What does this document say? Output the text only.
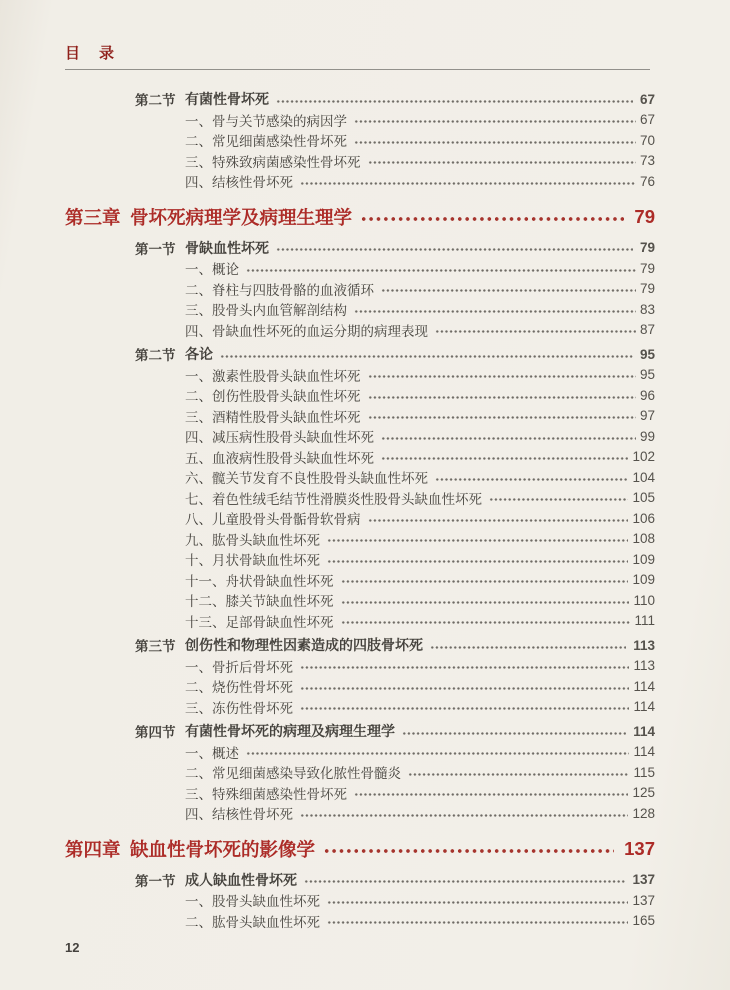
目　录
第二节 有菌性骨坏死	67
一、骨与关节感染的病因学	67
二、常见细菌感染性骨坏死	70
三、特殊致病菌感染性骨坏死	73
四、结核性骨坏死	76
第三章 骨坏死病理学及病理生理学	79
第一节 骨缺血性坏死	79
一、概论	79
二、脊柱与四肢骨骼的血液循环	79
三、股骨头内血管解剖结构	83
四、骨缺血性坏死的血运分期的病理表现	87
第二节 各论	95
一、激素性股骨头缺血性坏死	95
二、创伤性股骨头缺血性坏死	96
三、酒精性股骨头缺血性坏死	97
四、减压病性股骨头缺血性坏死	99
五、血液病性股骨头缺血性坏死	102
六、髋关节发育不良性股骨头缺血性坏死	104
七、着色性绒毛结节性滑膜炎性股骨头缺血性坏死	105
八、儿童股骨头骨骺骨软骨病	106
九、肱骨头缺血性坏死	108
十、月状骨缺血性坏死	109
十一、舟状骨缺血性坏死	109
十二、膝关节缺血性坏死	110
十三、足部骨缺血性坏死	111
第三节 创伤性和物理性因素造成的四肢骨坏死	113
一、骨折后骨坏死	113
二、烧伤性骨坏死	114
三、冻伤性骨坏死	114
第四节 有菌性骨坏死的病理及病理生理学	114
一、概述	114
二、常见细菌感染导致化脓性骨髓炎	115
三、特殊细菌感染性骨坏死	125
四、结核性骨坏死	128
第四章 缺血性骨坏死的影像学	137
第一节 成人缺血性骨坏死	137
一、股骨头缺血性坏死	137
二、肱骨头缺血性坏死	165
12
